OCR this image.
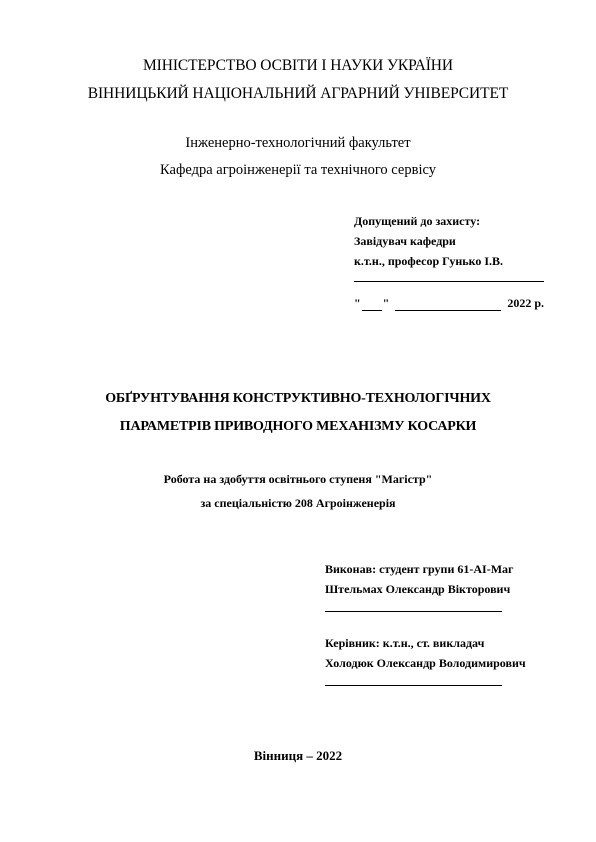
МІНІСТЕРСТВО ОСВІТИ І НАУКИ УКРАЇНИ
ВІННИЦЬКИЙ НАЦІОНАЛЬНИЙ АГРАРНИЙ УНІВЕРСИТЕТ
Інженерно-технологічний факультет
Кафедра агроінженерії та технічного сервісу
Допущений до захисту:
Завідувач кафедри
к.т.н., професор Гунько І.В.
" "	2022 р.
ОБҐРУНТУВАННЯ КОНСТРУКТИВНО-ТЕХНОЛОГІЧНИХ
ПАРАМЕТРІВ ПРИВОДНОГО МЕХАНІЗМУ КОСАРКИ
Робота на здобуття освітнього ступеня "Магістр"
за спеціальністю 208 Агроінженерія
Виконав: студент групи 61-АІ-Маг
Штельмах Олександр Вікторович
Керівник: к.т.н., ст. викладач
Холодюк Олександр Володимирович
Вінниця – 2022
